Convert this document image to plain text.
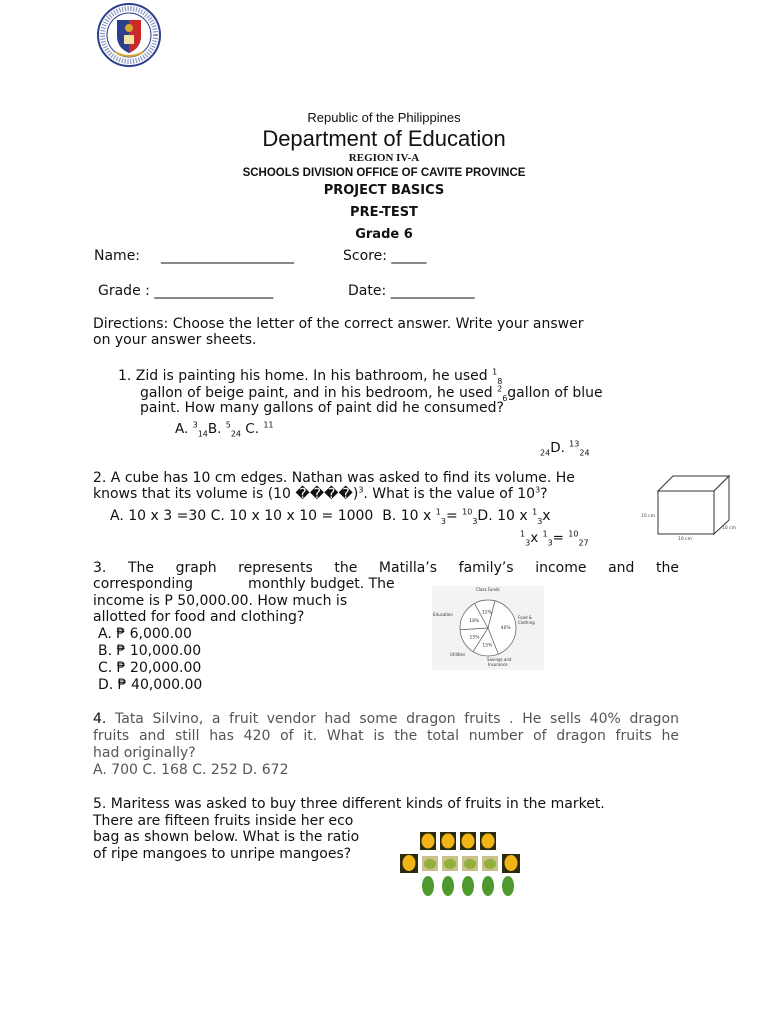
Republic of the Philippines
Department of Education
REGION IV-A
SCHOOLS DIVISION OFFICE OF CAVITE PROVINCE
PROJECT BASICS
PRE-TEST
Grade 6
Name: ___________________	Score: _____
Grade : _________________	Date: ____________
Directions: Choose the letter of the correct answer. Write your answer
on your answer sheets.
1. Zid is painting his home. In his bathroom, he used $^1_8$
gallon of beige paint, and in his bedroom, he used $^2_6$gallon of blue
paint. How many gallons of paint did he consumed?
A. $^3_{14}$B. $^5_{24}$ C. $^{11}$
$_{24}$D. $^{13}_{24}$
2. A cube has 10 cm edges. Nathan was asked to find its volume. He
knows that its volume is (10 ����)$^3$. What is the value of $10^3$?
A. 10 x 3 =30 C. 10 x 10 x 10 = 1000 B. 10 x $^1_3$= $^{10}_3$D. 10 x $^1_3$x
$^1_3$x $^1_3$= $^{10}_{27}$
10 cm
10 cm
10 cm
3. The graph represents the Matilla’s family’s income and the
corresponding	monthly budget. The
income is P 50,000.00. How much is
allotted for food and clothing?
A. ₱ 6,000.00
B. ₱ 10,000.00
C. ₱ 20,000.00
D. ₱ 40,000.00
40%
15%
15%
18%
12%
Class Funds
Food &
Clothing
Education
Utilities
Savings and
Insurance
4. Tata Silvino, a fruit vendor had some dragon fruits . He sells 40% dragon
fruits and still has 420 of it. What is the total number of dragon fruits he
had originally?
A. 700 C. 168 C. 252 D. 672
5. Maritess was asked to buy three different kinds of fruits in the market.
There are fifteen fruits inside her eco
bag as shown below. What is the ratio
of ripe mangoes to unripe mangoes?
